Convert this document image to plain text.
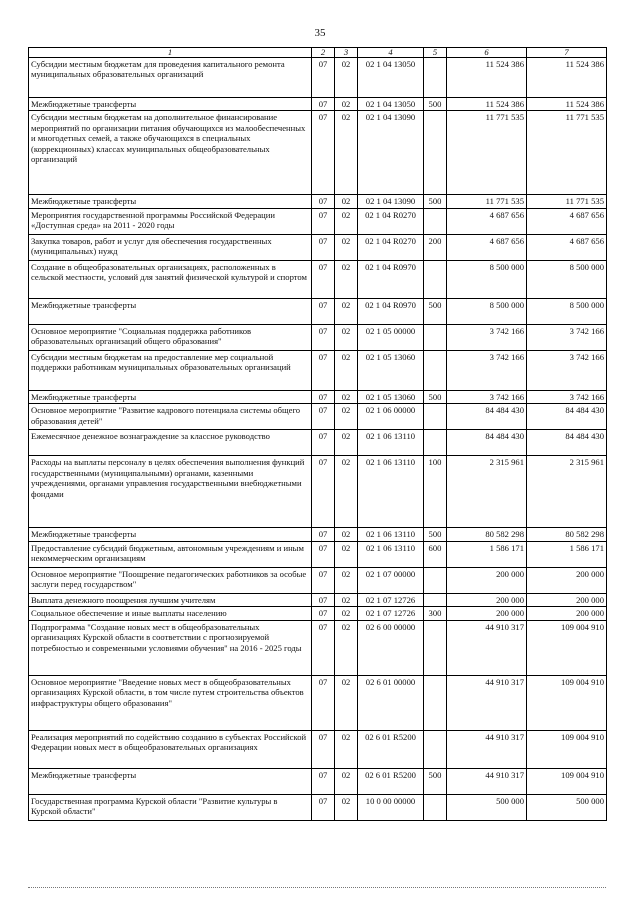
35
1	2	3	4	5	6	7
Субсидии местным бюджетам для проведения капитального ремонта муниципальных образовательных организаций	07	02	02 1 04 13050		11 524 386	11 524 386
Межбюджетные трансферты	07	02	02 1 04 13050	500	11 524 386	11 524 386
Субсидии местным бюджетам на дополнительное финансирование мероприятий по организации питания обучающихся из малообеспеченных и многодетных семей, а также обучающихся в специальных (коррекционных) классах муниципальных общеобразовательных организаций	07	02	02 1 04 13090		11 771 535	11 771 535
Межбюджетные трансферты	07	02	02 1 04 13090	500	11 771 535	11 771 535
Мероприятия государственной программы Российской Федерации «Доступная среда» на 2011 - 2020 годы	07	02	02 1 04 R0270		4 687 656	4 687 656
Закупка товаров, работ и услуг для обеспечения государственных (муниципальных) нужд	07	02	02 1 04 R0270	200	4 687 656	4 687 656
Создание в общеобразовательных организациях, расположенных в сельской местности, условий для занятий физической культурой и спортом	07	02	02 1 04 R0970		8 500 000	8 500 000
Межбюджетные трансферты	07	02	02 1 04 R0970	500	8 500 000	8 500 000
Основное мероприятие "Социальная поддержка работников образовательных организаций общего образования"	07	02	02 1 05 00000		3 742 166	3 742 166
Субсидии местным бюджетам на предоставление мер социальной поддержки работникам муниципальных образовательных организаций	07	02	02 1 05 13060		3 742 166	3 742 166
Межбюджетные трансферты	07	02	02 1 05 13060	500	3 742 166	3 742 166
Основное мероприятие "Развитие кадрового потенциала системы общего образования детей"	07	02	02 1 06 00000		84 484 430	84 484 430
Ежемесячное денежное вознаграждение за классное руководство	07	02	02 1 06 13110		84 484 430	84 484 430
Расходы на выплаты персоналу в целях обеспечения выполнения функций государственными (муниципальными) органами, казенными учреждениями, органами управления государственными внебюджетными фондами	07	02	02 1 06 13110	100	2 315 961	2 315 961
Межбюджетные трансферты	07	02	02 1 06 13110	500	80 582 298	80 582 298
Предоставление субсидий бюджетным, автономным учреждениям и иным некоммерческим организациям	07	02	02 1 06 13110	600	1 586 171	1 586 171
Основное мероприятие "Поощрение педагогических работников за особые заслуги перед государством"	07	02	02 1 07 00000		200 000	200 000
Выплата денежного поощрения лучшим учителям	07	02	02 1 07 12726		200 000	200 000
Социальное обеспечение и иные выплаты населению	07	02	02 1 07 12726	300	200 000	200 000
Подпрограмма "Создание новых мест в общеобразовательных организациях Курской области в соответствии с прогнозируемой потребностью и современными условиями обучения" на 2016 - 2025 годы	07	02	02 6 00 00000		44 910 317	109 004 910
Основное мероприятие "Введение новых мест в общеобразовательных организациях Курской области, в том числе путем строительства объектов инфраструктуры общего образования"	07	02	02 6 01 00000		44 910 317	109 004 910
Реализация мероприятий по содействию созданию в субъектах Российской Федерации новых мест в общеобразовательных организациях	07	02	02 6 01 R5200		44 910 317	109 004 910
Межбюджетные трансферты	07	02	02 6 01 R5200	500	44 910 317	109 004 910
Государственная программа Курской области "Развитие культуры в Курской области"	07	02	10 0 00 00000		500 000	500 000
